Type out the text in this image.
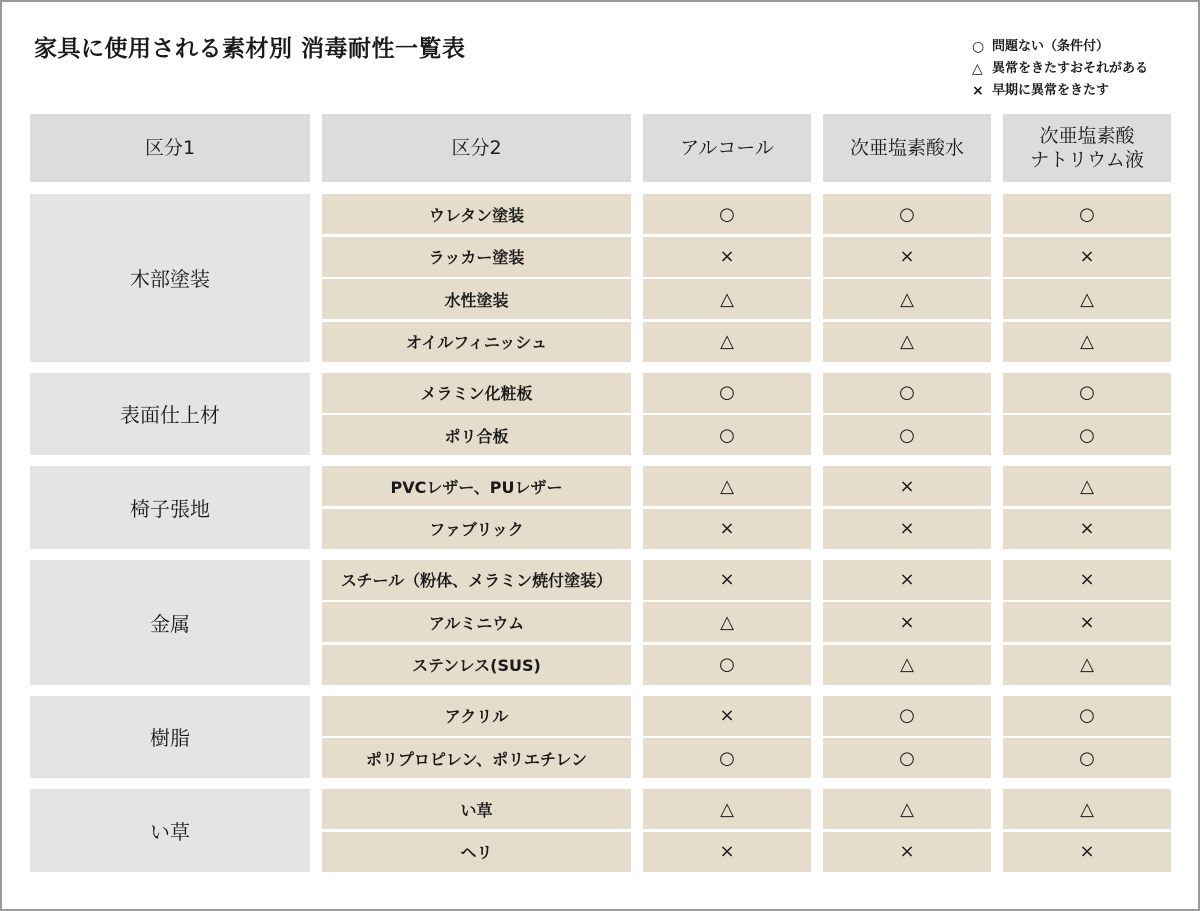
家具に使用される素材別 消毒耐性一覧表	○ 問題ない（条件付）
△ 異常をきたすおそれがある
× 早期に異常をきたす
区分1	区分2	アルコール	次亜塩素酸水
次亜塩素酸
ナトリウム液
木部塗装
ウレタン塗装	○	○	○
ラッカー塗装	×	×	×
水性塗装	△	△	△
オイルフィニッシュ	△	△	△
表面仕上材
メラミン化粧板	○	○	○
ポリ合板	○	○	○
椅子張地
PVCレザー、PUレザー	△	×	△
ファブリック	×	×	×
金属
スチール（粉体、メラミン焼付塗装）	×	×	×
アルミニウム	△	×	×
ステンレス(SUS)	○	△	△
樹脂
アクリル	×	○	○
ポリプロピレン、ポリエチレン	○	○	○
い草
い草	△	△	△
ヘリ	×	×	×
